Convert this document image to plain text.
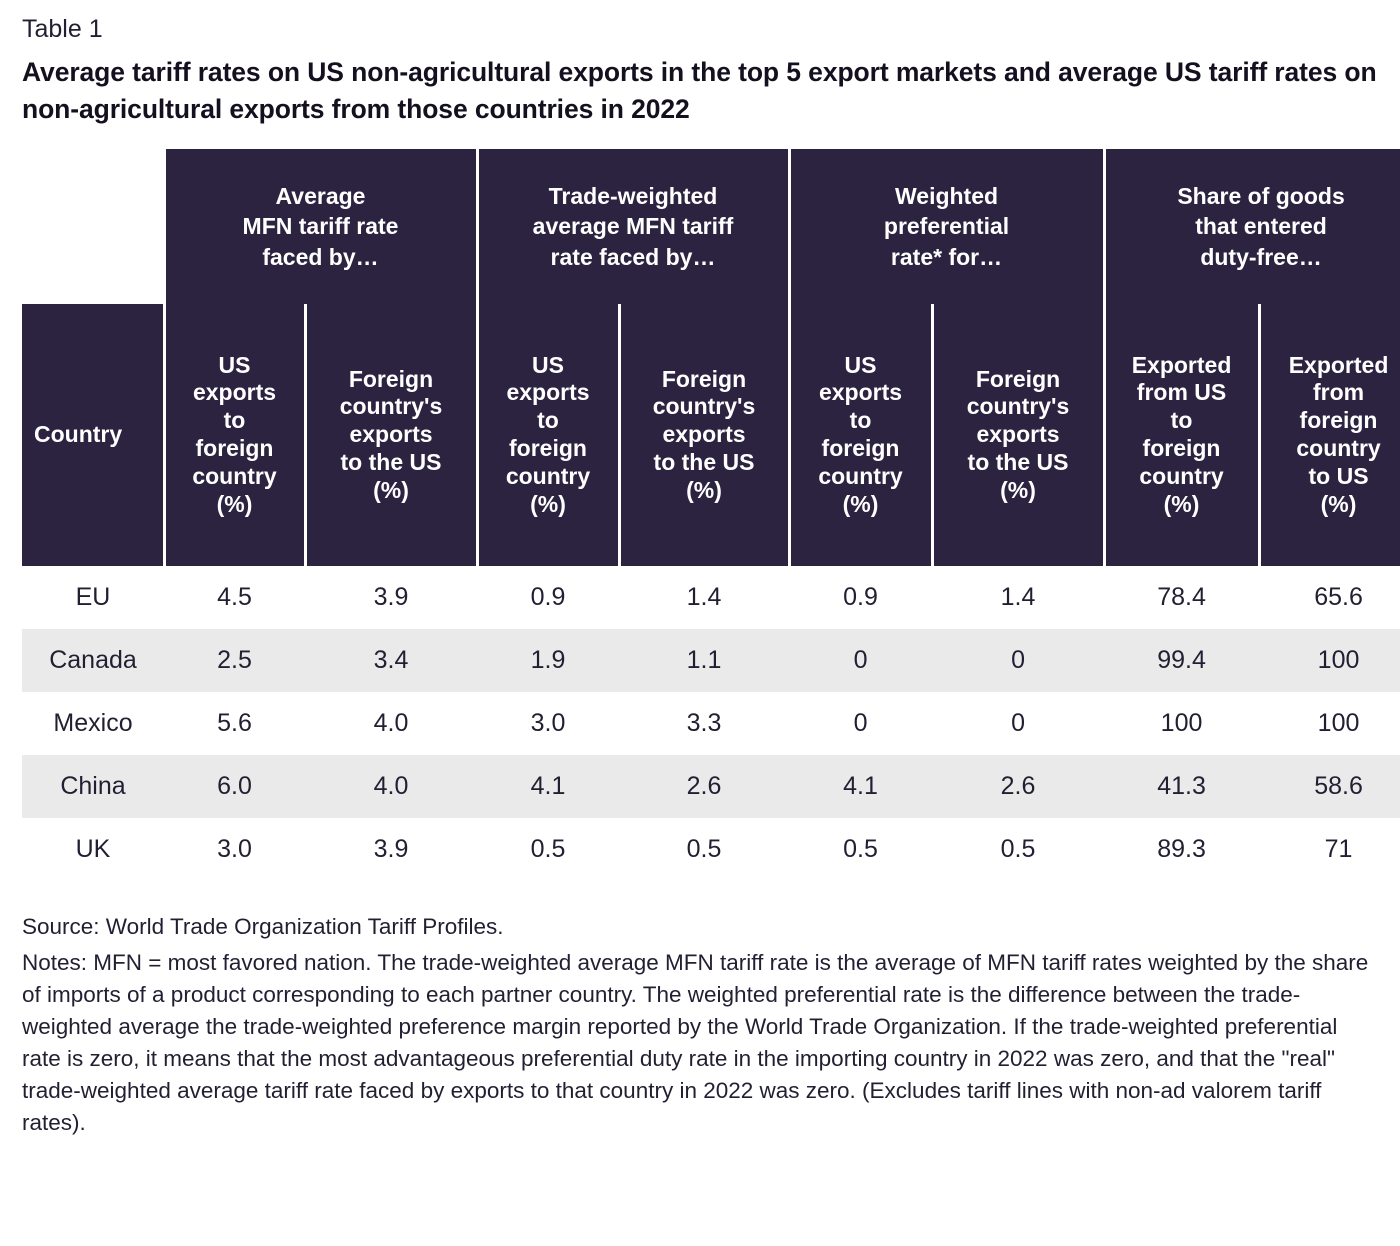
Table 1
Average tariff rates on US non-agricultural exports in the top 5 export markets and average US tariff rates on non-agricultural exports from those countries in 2022
	Average
MFN tariff rate
faced by…		Trade-weighted
average MFN tariff
rate faced by…		Weighted
preferential
rate* for…		Share of goods
that entered
duty-free…	
Country	US
exports
to
foreign
country
(%)	Foreign
country's
exports
to the US
(%)	US
exports
to
foreign
country
(%)	Foreign
country's
exports
to the US
(%)	US
exports
to
foreign
country
(%)	Foreign
country's
exports
to the US
(%)	Exported
from US
to
foreign
country
(%)	Exported
from
foreign
country
to US
(%)
EU	4.5	3.9	0.9	1.4	0.9	1.4	78.4	65.6
Canada	2.5	3.4	1.9	1.1	0	0	99.4	100
Mexico	5.6	4.0	3.0	3.3	0	0	100	100
China	6.0	4.0	4.1	2.6	4.1	2.6	41.3	58.6
UK	3.0	3.9	0.5	0.5	0.5	0.5	89.3	71

Source: World Trade Organization Tariff Profiles.

Notes: MFN = most favored nation. The trade-weighted average MFN tariff rate is the average of MFN tariff rates weighted by the share of imports of a product corresponding to each partner country. The weighted preferential rate is the difference between the trade-weighted average the trade-weighted preference margin reported by the World Trade Organization. If the trade-weighted preferential rate is zero, it means that the most advantageous preferential duty rate in the importing country in 2022 was zero, and that the "real" trade-weighted average tariff rate faced by exports to that country in 2022 was zero. (Excludes tariff lines with non-ad valorem tariff rates).
